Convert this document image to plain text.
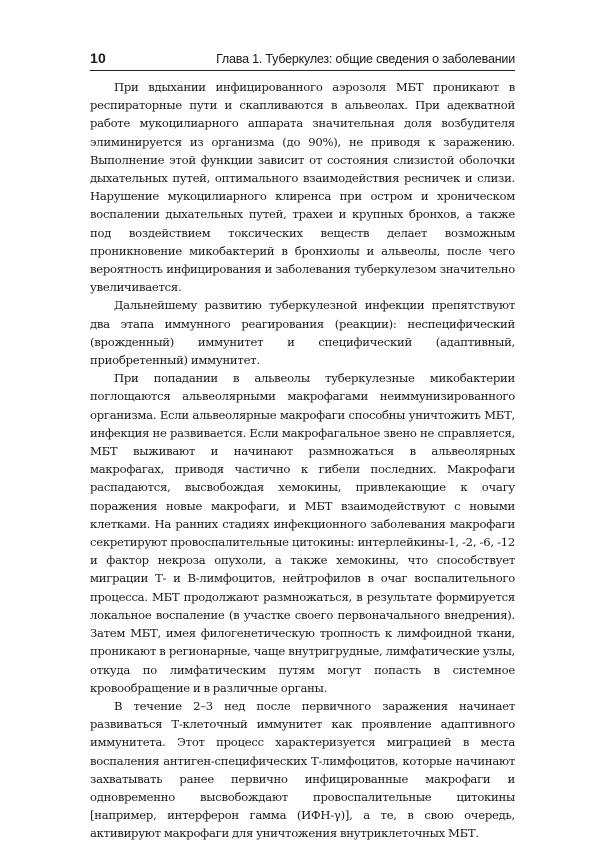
10	Глава 1. Туберкулез: общие сведения о заболевании

При вдыхании инфицированного аэрозоля МБТ проникают в респираторные пути и скапливаются в альвеолах. При адекватной работе мукоцилиарного аппарата значительная доля возбудителя элиминируется из организма (до 90%), не приводя к заражению. Выполнение этой функции зависит от состояния слизистой оболочки дыхательных путей, оптимального взаимодействия ресничек и слизи. Нарушение мукоцилиарного клиренса при остром и хроническом воспалении дыхательных путей, трахеи и крупных бронхов, а также под воздействием токсических веществ делает возможным проникновение микобактерий в бронхиолы и альвеолы, после чего вероятность инфицирования и заболевания туберкулезом значительно увеличивается.

Дальнейшему развитию туберкулезной инфекции препятствуют два этапа иммунного реагирования (реакции): неспецифический (врожденный) иммунитет и специфический (адаптивный, приобретенный) иммунитет.

При попадании в альвеолы туберкулезные микобактерии поглощаются альвеолярными макрофагами неиммунизированного организма. Если альвеолярные макрофаги способны уничтожить МБТ, инфекция не развивается. Если макрофагальное звено не справляется, МБТ выживают и начинают размножаться в альвеолярных макрофагах, приводя частично к гибели последних. Макрофаги распадаются, высвобождая хемокины, привлекающие к очагу поражения новые макрофаги, и МБТ взаимодействуют с новыми клетками. На ранних стадиях инфекционного заболевания макрофаги секретируют провоспалительные цитокины: интерлейкины-1, -2, -6, -12 и фактор некроза опухоли, а также хемокины, что способствует миграции Т- и В-лимфоцитов, нейтрофилов в очаг воспалительного процесса. МБТ продолжают размножаться, в результате формируется локальное воспаление (в участке своего первоначального внедрения). Затем МБТ, имея филогенетическую тропность к лимфоидной ткани, проникают в регионарные, чаще внутригрудные, лимфатические узлы, откуда по лимфатическим путям могут попасть в системное кровообращение и в различные органы.

В течение 2–3 нед после первичного заражения начинает развиваться Т-клеточный иммунитет как проявление адаптивного иммунитета. Этот процесс характеризуется миграцией в места воспаления антиген-специфических Т-лимфоцитов, которые начинают захватывать ранее первично инфицированные макрофаги и одновременно высвобождают провоспалительные цитокины [например, интерферон гамма (ИФН-γ)], а те, в свою очередь, активируют макрофаги для уничтожения внутриклеточных МБТ.
